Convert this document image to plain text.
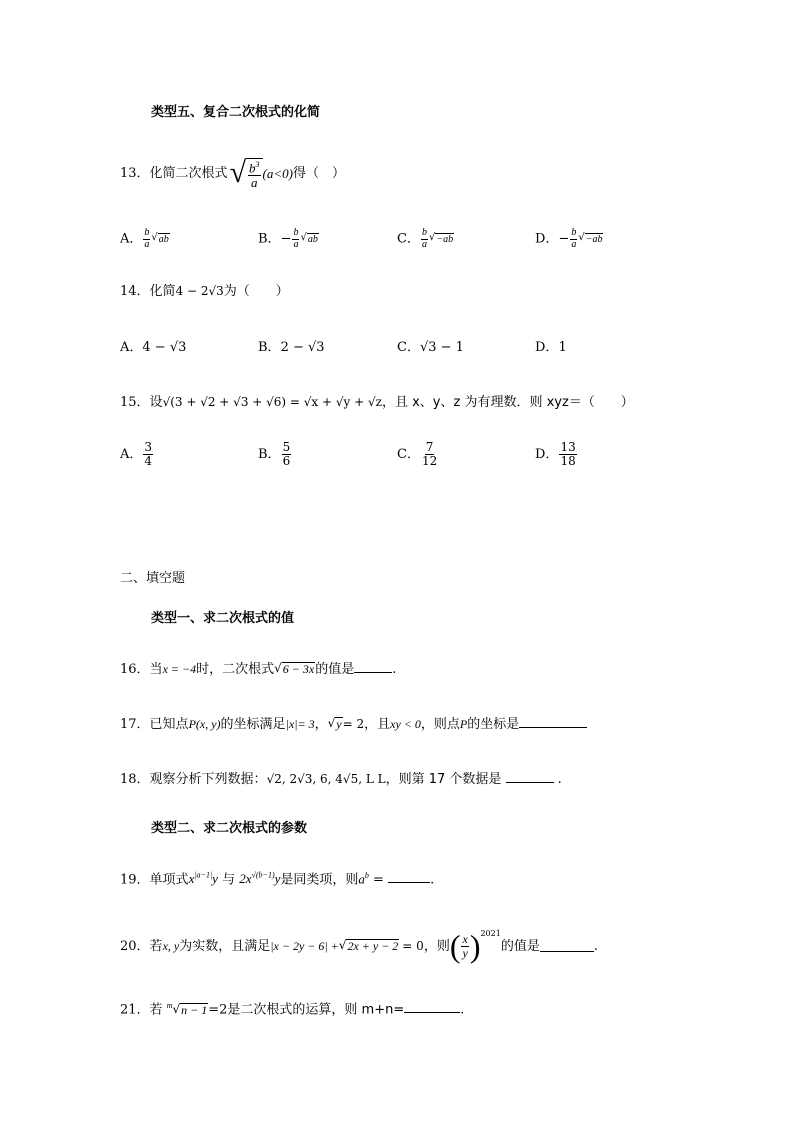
类型五、复合二次根式的化简
13． 化简二次根式 √ $\frac{b^3}{a} (a<0)$ 得（　）
A． $\frac{b}{a}$ √ ab	B．− $\frac{b}{a}$ √ ab	C． $\frac{b}{a}$ √ −ab	D．− $\frac{b}{a}$ √ −ab
14．化简4 − 2√3为（　　）
A．4 − √3	B．2 − √3	C．√3 − 1	D．1
15．设√(3 + √2 + √3 + √6) = √x + √y + √z，且 x、y、z 为有理数．则 xyz＝（　　）
A． $\frac{3}{4}$	B． $\frac{5}{6}$	C． $\frac{7}{12}$	D． $\frac{13}{18}$
二、填空题
类型一、求二次根式的值
16．当x = −4时，二次根式 √ 6 − 3x 的值是	.
17．已知点P(x, y)的坐标满足|x|= 3， √ y = 2，且xy < 0，则点P的坐标是
18．观察分析下列数据：√2, 2√3, 6, 4√5, L L，则第 17 个数据是	.
类型二、求二次根式的参数
19．单项式$x^{|a-1|}y$ 与 $2x^{√(b-1)}y$是同类项，则$a^b$ =	.
20． 若 x, y 为实数，且满足 |x − 2y − 6| + √ 2x + y − 2 = 0 ，则 ( $\frac{x}{y} )^{2021}$
的值是	.
21．若 $^m$ √ n − 1 =2是二次根式的运算，则 m+n=	.
